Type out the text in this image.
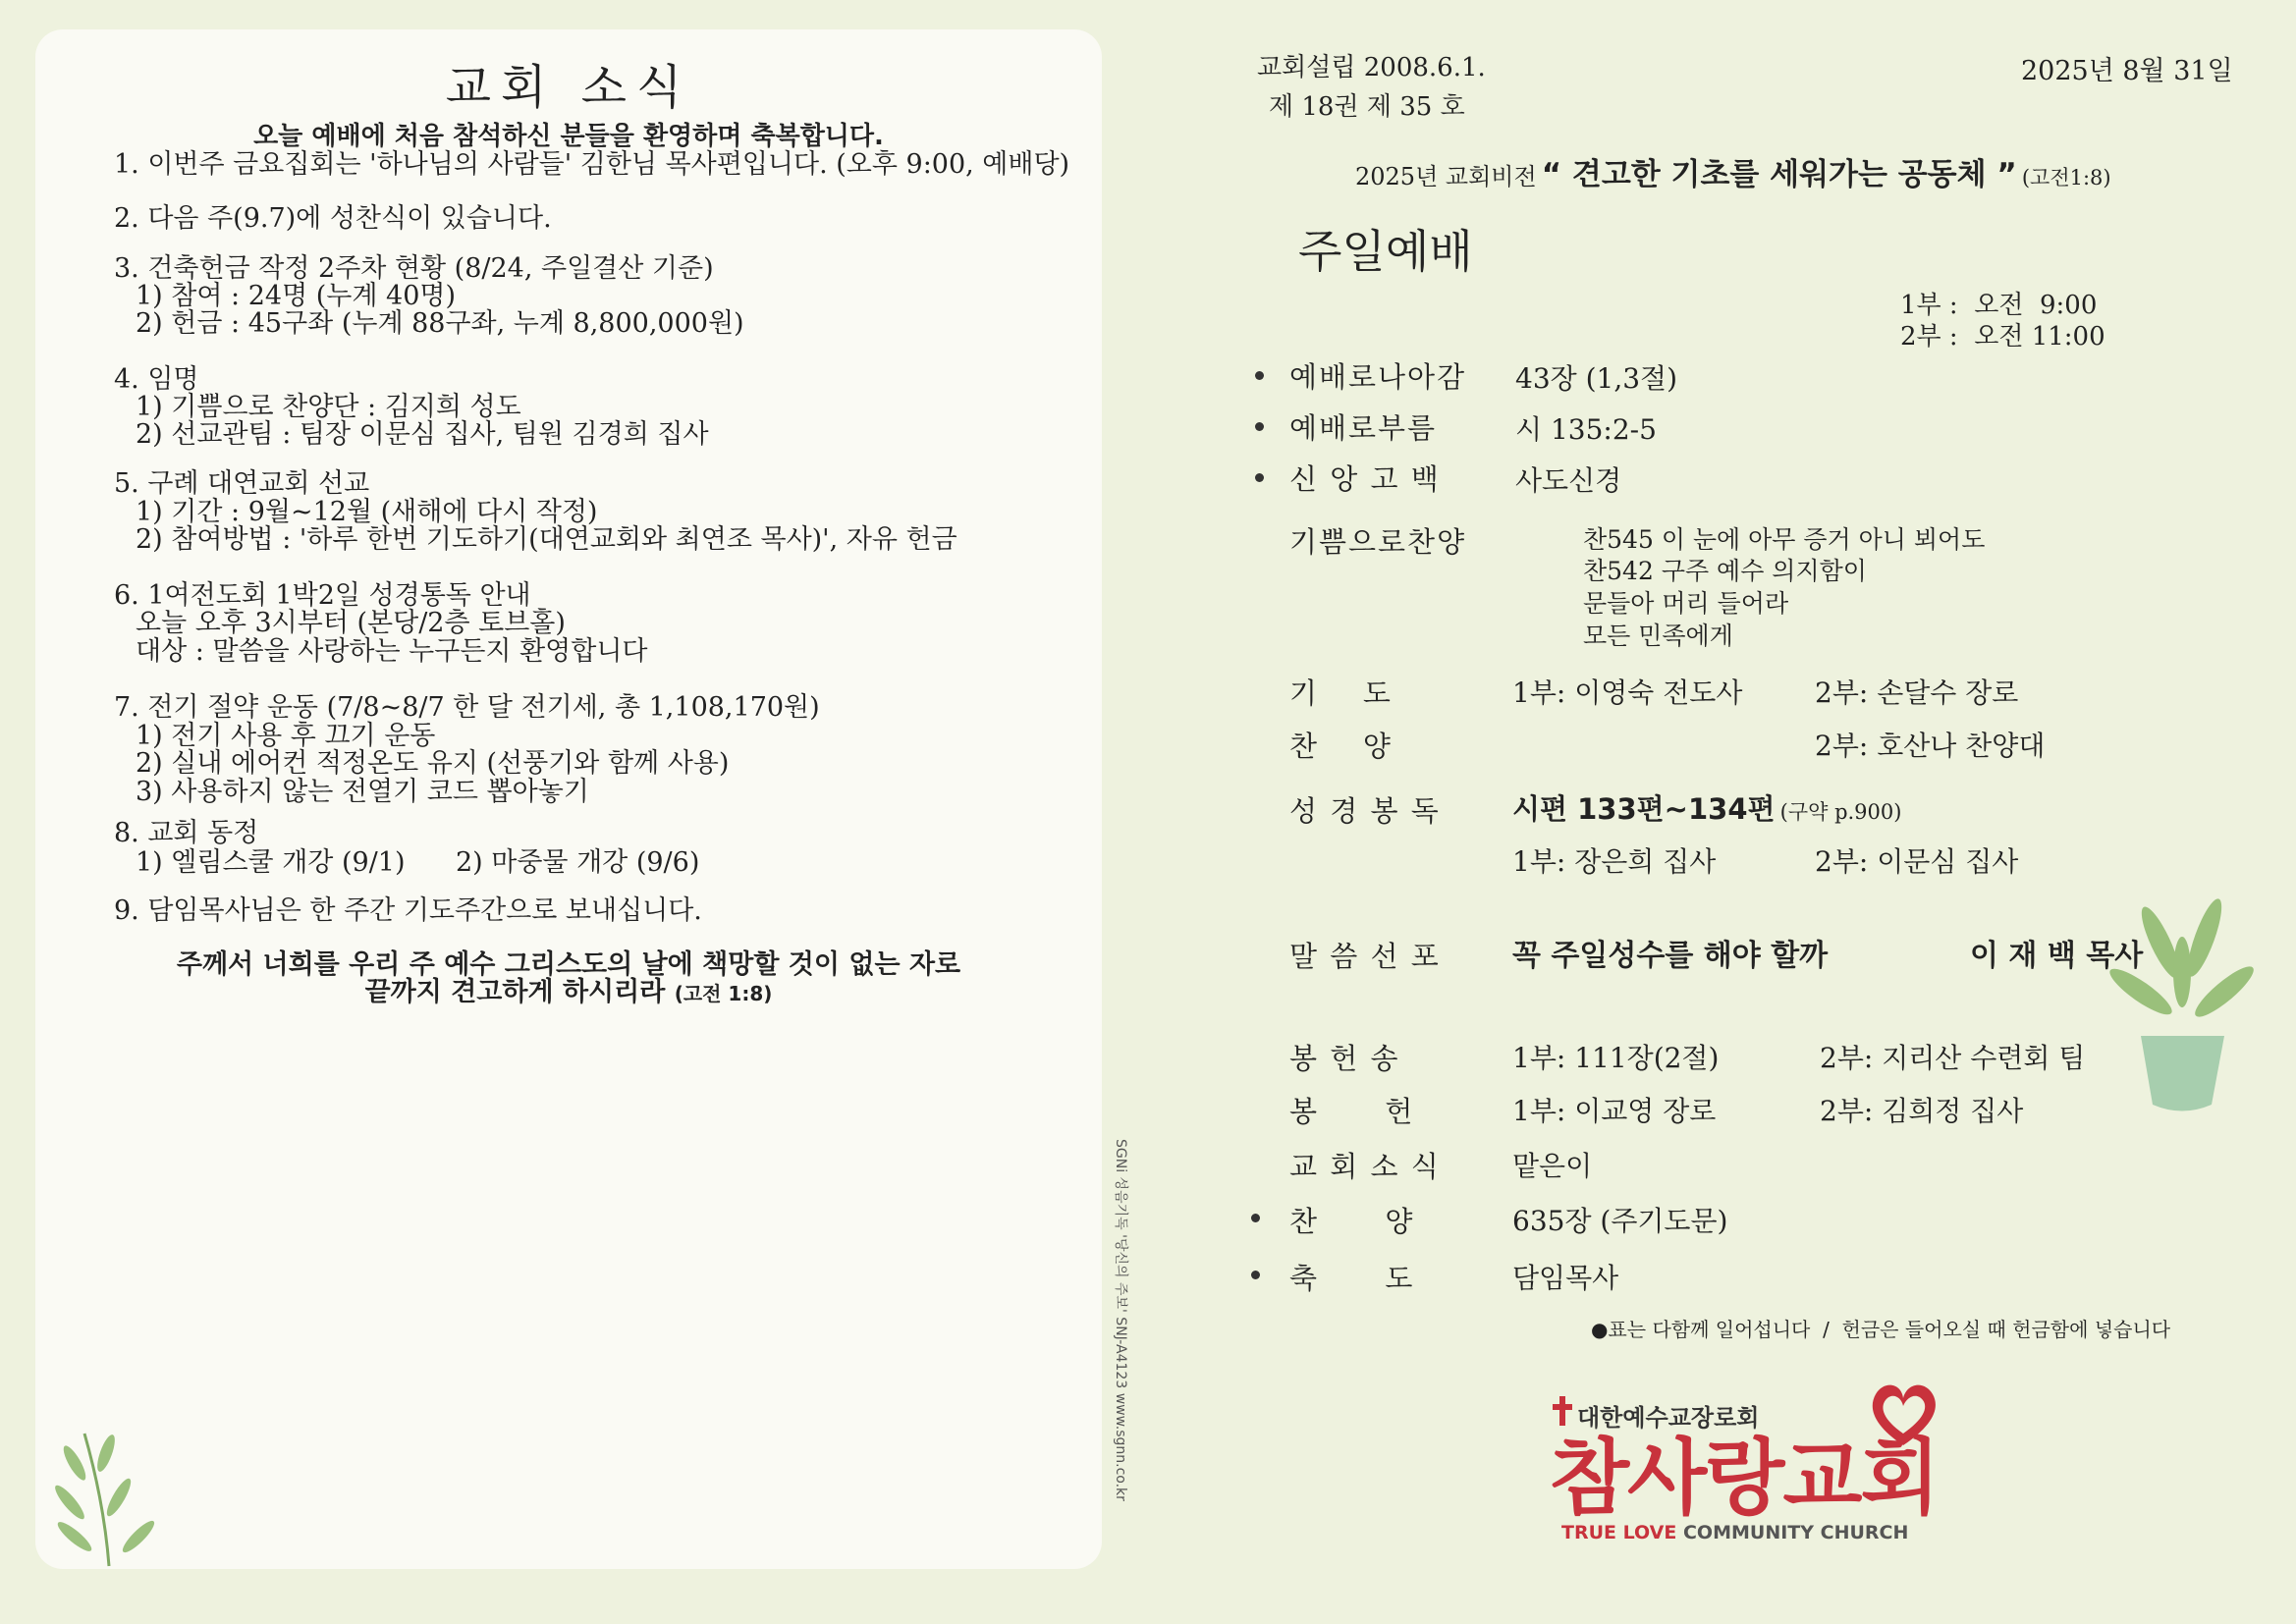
교회 소식
오늘 예배에 처음 참석하신 분들을 환영하며 축복합니다.
1. 이번주 금요집회는 '하나님의 사람들' 김한님 목사편입니다. (오후 9:00, 예배당)
2. 다음 주(9.7)에 성찬식이 있습니다.
3. 건축헌금 작정 2주차 현황 (8/24, 주일결산 기준)
1) 참여 : 24명 (누계 40명)
2) 헌금 : 45구좌 (누계 88구좌, 누계 8,800,000원)
4. 임명
1) 기쁨으로 찬양단 : 김지희 성도
2) 선교관팀 : 팀장 이문심 집사, 팀원 김경희 집사
5. 구례 대연교회 선교
1) 기간 : 9월~12월 (새해에 다시 작정)
2) 참여방법 : '하루 한번 기도하기(대연교회와 최연조 목사)', 자유 헌금
6. 1여전도회 1박2일 성경통독 안내
오늘 오후 3시부터 (본당/2층 토브홀)
대상 : 말씀을 사랑하는 누구든지 환영합니다
7. 전기 절약 운동 (7/8~8/7 한 달 전기세, 총 1,108,170원)
1) 전기 사용 후 끄기 운동
2) 실내 에어컨 적정온도 유지 (선풍기와 함께 사용)
3) 사용하지 않는 전열기 코드 뽑아놓기
8. 교회 동정
1) 엘림스쿨 개강 (9/1)      2) 마중물 개강 (9/6)
9. 담임목사님은 한 주간 기도주간으로 보내십니다.
주께서 너희를 우리 주 예수 그리스도의 날에 책망할 것이 없는 자로
끝까지 견고하게 하시리라 (고전 1:8)
SGNi 성음기독 '당신의 주보' SNJ-A4123 www.sgnn.co.kr
교회설립 2008.6.1.
제 18권 제 35 호
2025년 8월 31일
2025년 교회비전 “ 견고한 기초를 세워가는 공동체 ” (고전1:8)
주일예배
1부 :  오전  9:00
2부 :  오전 11:00
예배로나아감 43장 (1,3절)
예배로부름	시 135:2-5
신 앙 고 백	사도신경
기쁨으로찬양	찬545 이 눈에 아무 증거 아니 뵈어도
찬542 구주 예수 의지함이
문들아 머리 들어라
모든 민족에게
기    도	1부: 이영숙 전도사	2부: 손달수 장로
찬    양	2부: 호산나 찬양대
성 경 봉 독	시편 133편~134편 (구약 p.900)
1부: 장은희 집사	2부: 이문심 집사
말 씀 선 포 꼭 주일성수를 해야 할까	이 재 백 목사
봉 헌 송	1부: 111장(2절)	2부: 지리산 수련회 팀
봉      헌	1부: 이교영 장로	2부: 김희정 집사
교 회 소 식	맡은이
찬      양	635장 (주기도문)
축      도	담임목사
●표는 다함께 일어섭니다  /  헌금은 들어오실 때 헌금함에 넣습니다
대한예수교장로회
참사랑교회
TRUE LOVE COMMUNITY CHURCH
